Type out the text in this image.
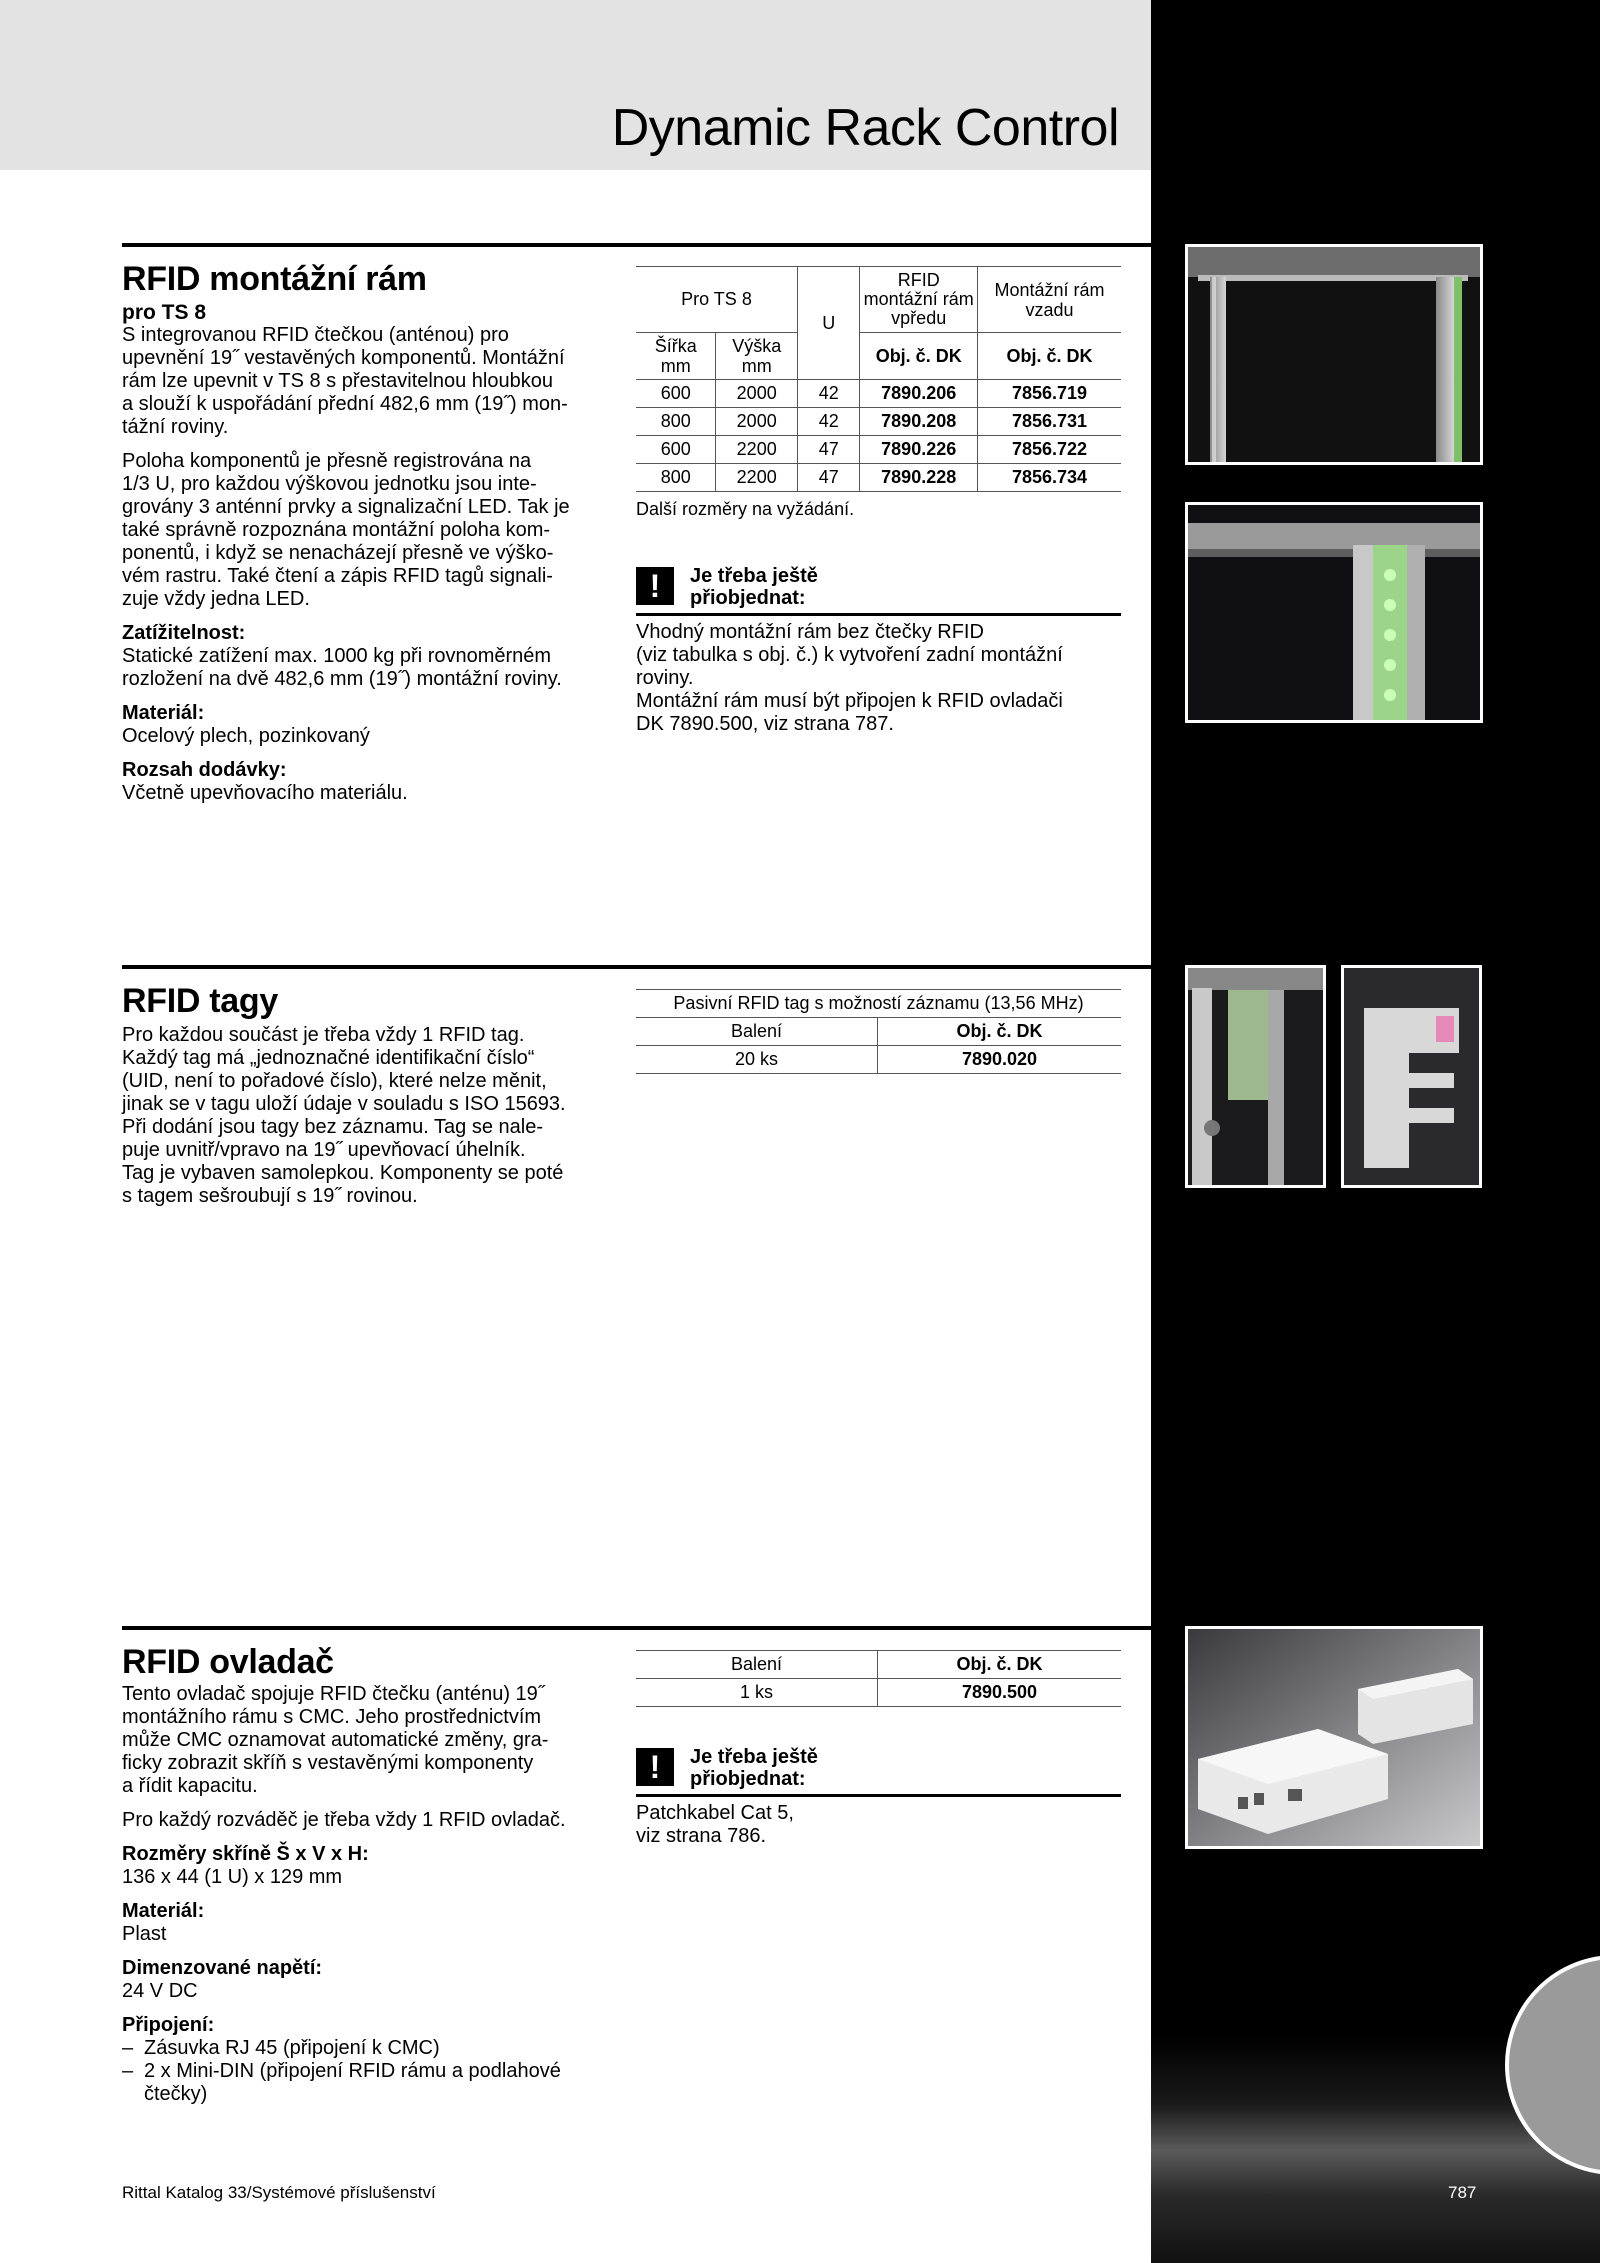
Dynamic Rack Control
RFID montážní rám

pro TS 8

S integrovanou RFID čtečkou (anténou) pro
upevnění 19˝ vestavěných komponentů. Montážní
rám lze upevnit v TS 8 s přestavitelnou hloubkou
a slouží k uspořádání přední 482,6 mm (19˝) mon-
tážní roviny.

Poloha komponentů je přesně registrována na
1/3 U, pro každou výškovou jednotku jsou inte-
grovány 3 anténní prvky a signalizační LED. Tak je
také správně rozpoznána montážní poloha kom-
ponentů, i když se nenacházejí přesně ve výško-
vém rastru. Také čtení a zápis RFID tagů signali-
zuje vždy jedna LED.

Zatížitelnost:

Statické zatížení max. 1000 kg při rovnoměrném
rozložení na dvě 482,6 mm (19˝) montážní roviny.

Materiál:

Ocelový plech, pozinkovaný

Rozsah dodávky:

Včetně upevňovacího materiálu.

Pro TS 8		U	RFID
montážní rám
vpředu	Montážní rám
vzadu
Šířka
mm	Výška
mm		Obj. č. DK	Obj. č. DK
600	2000	42	7890.206	7856.719
800	2000	42	7890.208	7856.731
600	2200	47	7890.226	7856.722
800	2200	47	7890.228	7856.734
Další rozměry na vyžádání.
!	Je třeba ještě
přiobjednat:

Vhodný montážní rám bez čtečky RFID

(viz tabulka s obj. č.) k vytvoření zadní montážní

roviny.

Montážní rám musí být připojen k RFID ovladači

DK 7890.500, viz strana 787.

RFID tagy

Pro každou součást je třeba vždy 1 RFID tag.
Každý tag má „jednoznačné identifikační číslo“
(UID, není to pořadové číslo), které nelze měnit,
jinak se v tagu uloží údaje v souladu s ISO 15693.
Při dodání jsou tagy bez záznamu. Tag se nale-
puje uvnitř/vpravo na 19˝ upevňovací úhelník.
Tag je vybaven samolepkou. Komponenty se poté
s tagem sešroubují s 19˝ rovinou.

Pasivní RFID tag s možností záznamu (13,56 MHz)	
Balení	Obj. č. DK
20 ks	7890.020
RFID ovladač

Tento ovladač spojuje RFID čtečku (anténu) 19˝
montážního rámu s CMC. Jeho prostřednictvím
může CMC oznamovat automatické změny, gra-
ficky zobrazit skříň s vestavěnými komponenty
a řídit kapacitu.

Pro každý rozváděč je třeba vždy 1 RFID ovladač.

Rozměry skříně Š x V x H:

136 x 44 (1 U) x 129 mm

Materiál:

Plast

Dimenzované napětí:

24 V DC

Připojení:

– Zásuvka RJ 45 (připojení k CMC)
– 2 x Mini-DIN (připojení RFID rámu a podlahové
čtečky)
Balení	Obj. č. DK
1 ks	7890.500
!	Je třeba ještě
přiobjednat:

Patchkabel Cat 5,

viz strana 786.

Rittal Katalog 33/Systémové příslušenství	787
